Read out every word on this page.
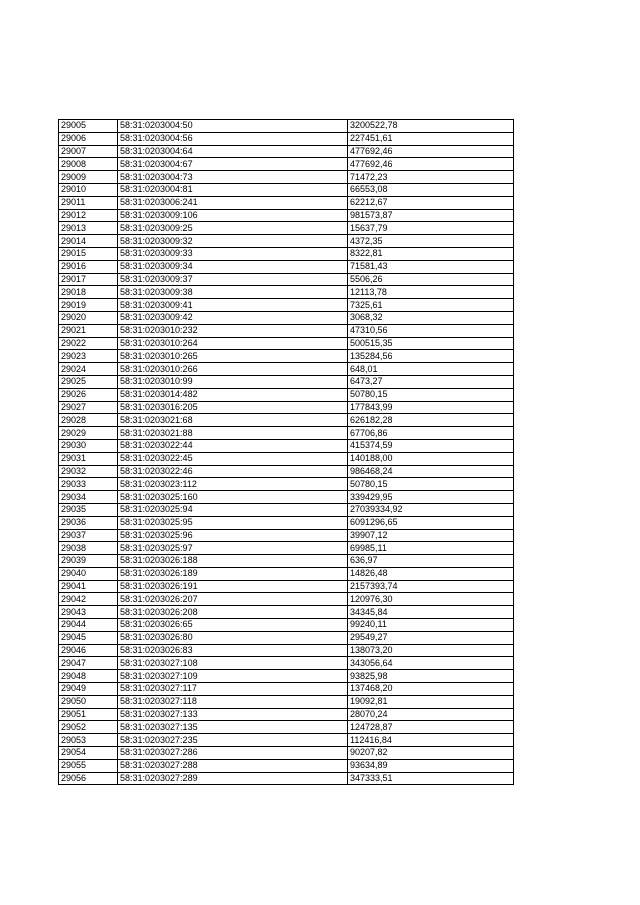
29005	58:31:0203004:50	3200522,78
29006	58:31:0203004:56	227451,61
29007	58:31:0203004:64	477692,46
29008	58:31:0203004:67	477692,46
29009	58:31:0203004:73	71472,23
29010	58:31:0203004:81	66553,08
29011	58:31:0203006:241	62212,67
29012	58:31:0203009:106	981573,87
29013	58:31:0203009:25	15637,79
29014	58:31:0203009:32	4372,35
29015	58:31:0203009:33	8322,81
29016	58:31:0203009:34	71581,43
29017	58:31:0203009:37	5506,26
29018	58:31:0203009:38	12113,78
29019	58:31:0203009:41	7325,61
29020	58:31:0203009:42	3068,32
29021	58:31:0203010:232	47310,56
29022	58:31:0203010:264	500515,35
29023	58:31:0203010:265	135284,56
29024	58:31:0203010:266	648,01
29025	58:31:0203010:99	6473,27
29026	58:31:0203014:482	50780,15
29027	58:31:0203016:205	177843,99
29028	58:31:0203021:68	626182,28
29029	58:31:0203021:88	67706,86
29030	58:31:0203022:44	415374,59
29031	58:31:0203022:45	140188,00
29032	58:31:0203022:46	986468,24
29033	58:31:0203023:112	50780,15
29034	58:31:0203025:160	339429,95
29035	58:31:0203025:94	27039334,92
29036	58:31:0203025:95	6091296,65
29037	58:31:0203025:96	39907,12
29038	58:31:0203025:97	69985,11
29039	58:31:0203026:188	636,97
29040	58:31:0203026:189	14826,48
29041	58:31:0203026:191	2157393,74
29042	58:31:0203026:207	120976,30
29043	58:31:0203026:208	34345,84
29044	58:31:0203026:65	99240,11
29045	58:31:0203026:80	29549,27
29046	58:31:0203026:83	138073,20
29047	58:31:0203027:108	343056,64
29048	58:31:0203027:109	93825,98
29049	58:31:0203027:117	137468,20
29050	58:31:0203027:118	19092,81
29051	58:31:0203027:133	28070,24
29052	58:31:0203027:135	124728,87
29053	58:31:0203027:235	112416,84
29054	58:31:0203027:286	90207,82
29055	58:31:0203027:288	93634,89
29056	58:31:0203027:289	347333,51
